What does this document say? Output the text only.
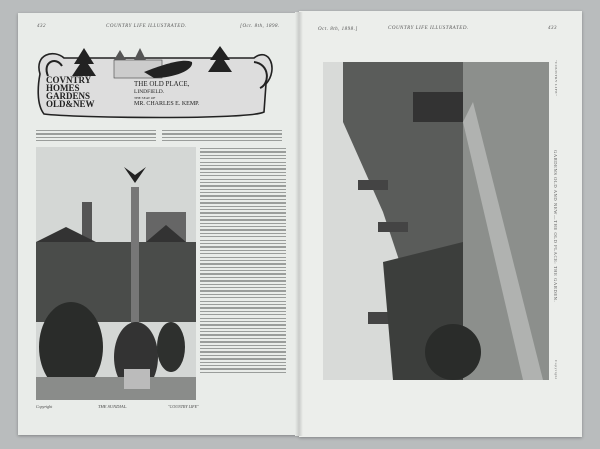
432	COUNTRY LIFE ILLUSTRATED.	[Oct. 8th, 1898.
COVNTRY
HOMES
GARDENS
OLD&NEW
THE OLD PLACE,
LINDFIELD.
THE SEAT OF
MR. CHARLES E. KEMP.
Copyright	THE SUNDIAL.	"COUNTRY LIFE"
Oct. 8th, 1898.]	COUNTRY LIFE ILLUSTRATED.	433
"COUNTRY LIFE"
GARDENS OLD AND NEW—THE OLD PLACE: THE GARDEN.
Copyright
